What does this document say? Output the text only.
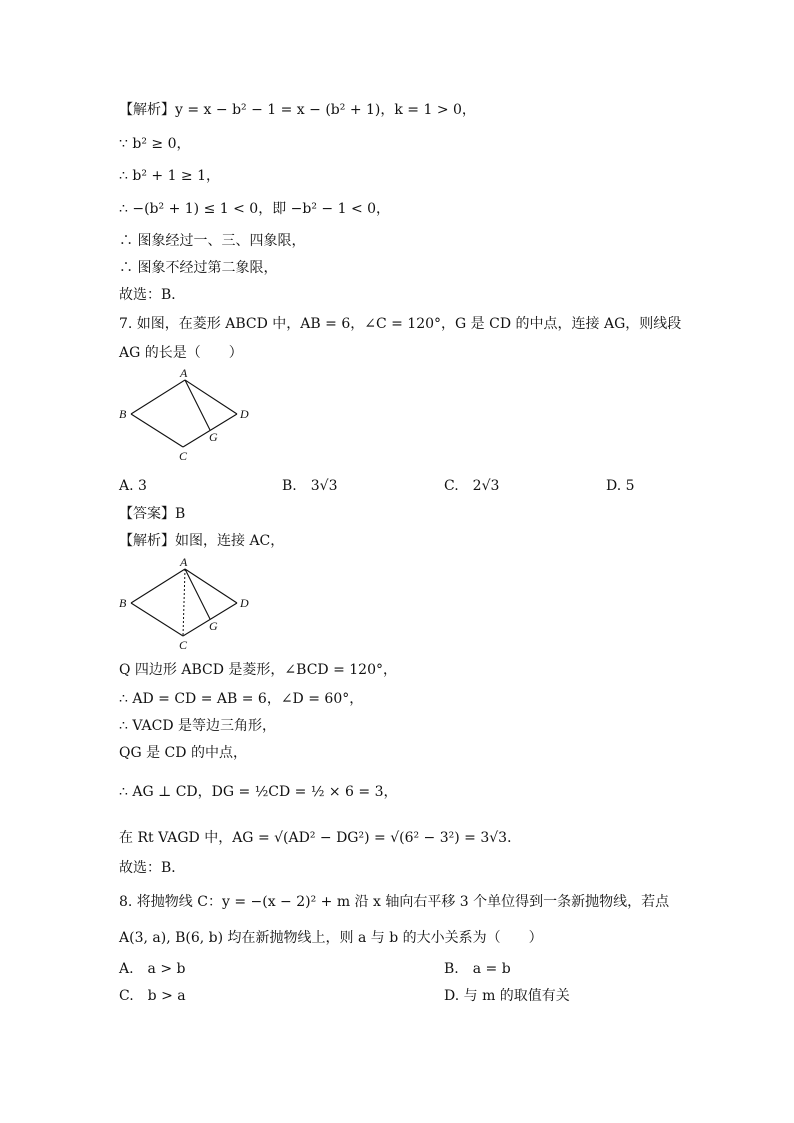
【解析】y = x − b² − 1 = x − (b² + 1)，k = 1 > 0，
∵ b² ≥ 0，
∴ b² + 1 ≥ 1，
∴ −(b² + 1) ≤ 1 < 0，即 −b² − 1 < 0，
∴ 图象经过一、三、四象限，
∴ 图象不经过第二象限，
故选：B．
7. 如图，在菱形 ABCD 中，AB = 6，∠C = 120°，G 是 CD 的中点，连接 AG，则线段
AG 的长是（　　）
A
B	D
G
C
A. 3	B.　3√3	C.　2√3	D. 5
【答案】B
【解析】如图，连接 AC，
A
B	D
G
C
Q 四边形 ABCD 是菱形，∠BCD = 120°，
∴ AD = CD = AB = 6，∠D = 60°，
∴ VACD 是等边三角形，
QG 是 CD 的中点，
∴ AG ⊥ CD，DG = ½CD = ½ × 6 = 3，
在 Rt VAGD 中，AG = √(AD² − DG²) = √(6² − 3²) = 3√3．
故选：B．
8. 将抛物线 C：y = −(x − 2)² + m 沿 x 轴向右平移 3 个单位得到一条新抛物线，若点
A(3, a), B(6, b) 均在新抛物线上，则 a 与 b 的大小关系为（　　）
A.　a > b	B.　a = b
C.　b > a	D. 与 m 的取值有关
